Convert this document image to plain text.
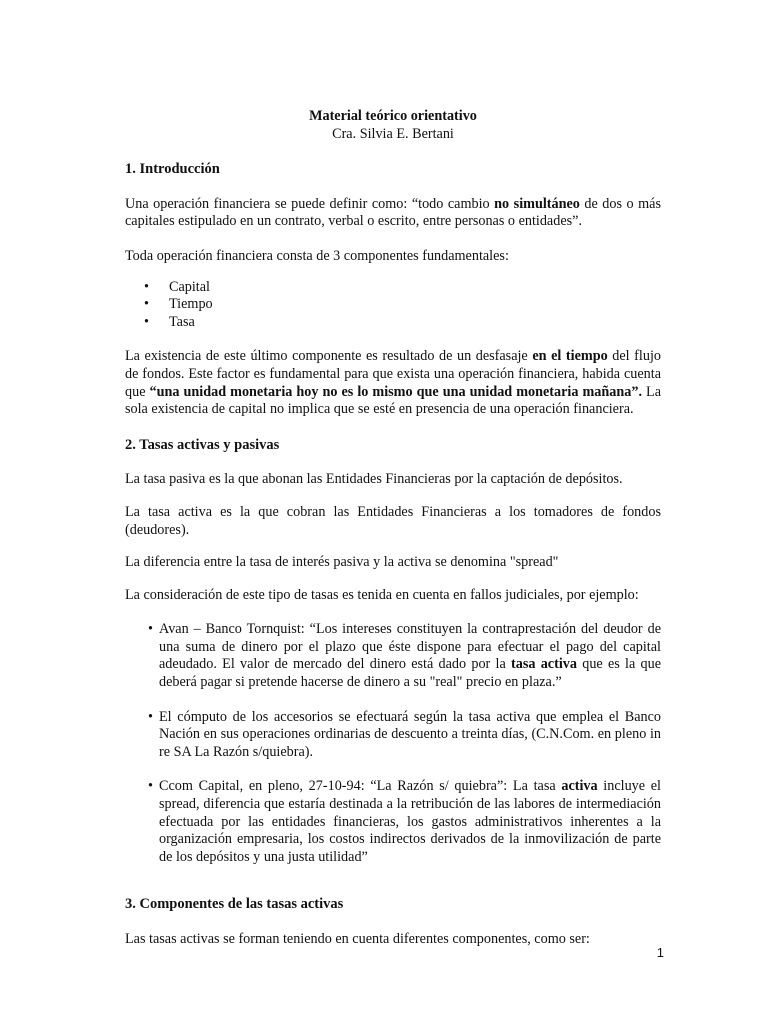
Material teórico orientativo
Cra. Silvia E. Bertani
1. Introducción

Una operación financiera se puede definir como: “todo cambio no simultáneo de dos o más capitales estipulado en un contrato, verbal o escrito, entre personas o entidades”.

Toda operación financiera consta de 3 componentes fundamentales:

• Capital
• Tiempo
• Tasa

La existencia de este último componente es resultado de un desfasaje en el tiempo del flujo de fondos. Este factor es fundamental para que exista una operación financiera, habida cuenta que “una unidad monetaria hoy no es lo mismo que una unidad monetaria mañana”. La sola existencia de capital no implica que se esté en presencia de una operación financiera.

2. Tasas activas y pasivas

La tasa pasiva es la que abonan las Entidades Financieras por la captación de depósitos.

La tasa activa es la que cobran las Entidades Financieras a los tomadores de fondos (deudores).

La diferencia entre la tasa de interés pasiva y la activa se denomina "spread"

La consideración de este tipo de tasas es tenida en cuenta en fallos judiciales, por ejemplo:

• Avan – Banco Tornquist: “Los intereses constituyen la contraprestación del deudor de una suma de dinero por el plazo que éste dispone para efectuar el pago del capital adeudado. El valor de mercado del dinero está dado por la tasa activa que es la que deberá pagar si pretende hacerse de dinero a su "real" precio en plaza.”
• El cómputo de los accesorios se efectuará según la tasa activa que emplea el Banco Nación en sus operaciones ordinarias de descuento a treinta días, (C.N.Com. en pleno in re SA La Razón s/quiebra).
• Ccom Capital, en pleno, 27-10-94: “La Razón s/ quiebra”: La tasa activa incluye el spread, diferencia que estaría destinada a la retribución de las labores de intermediación efectuada por las entidades financieras, los gastos administrativos inherentes a la organización empresaria, los costos indirectos derivados de la inmovilización de parte de los depósitos y una justa utilidad”
3. Componentes de las tasas activas

Las tasas activas se forman teniendo en cuenta diferentes componentes, como ser:

1
